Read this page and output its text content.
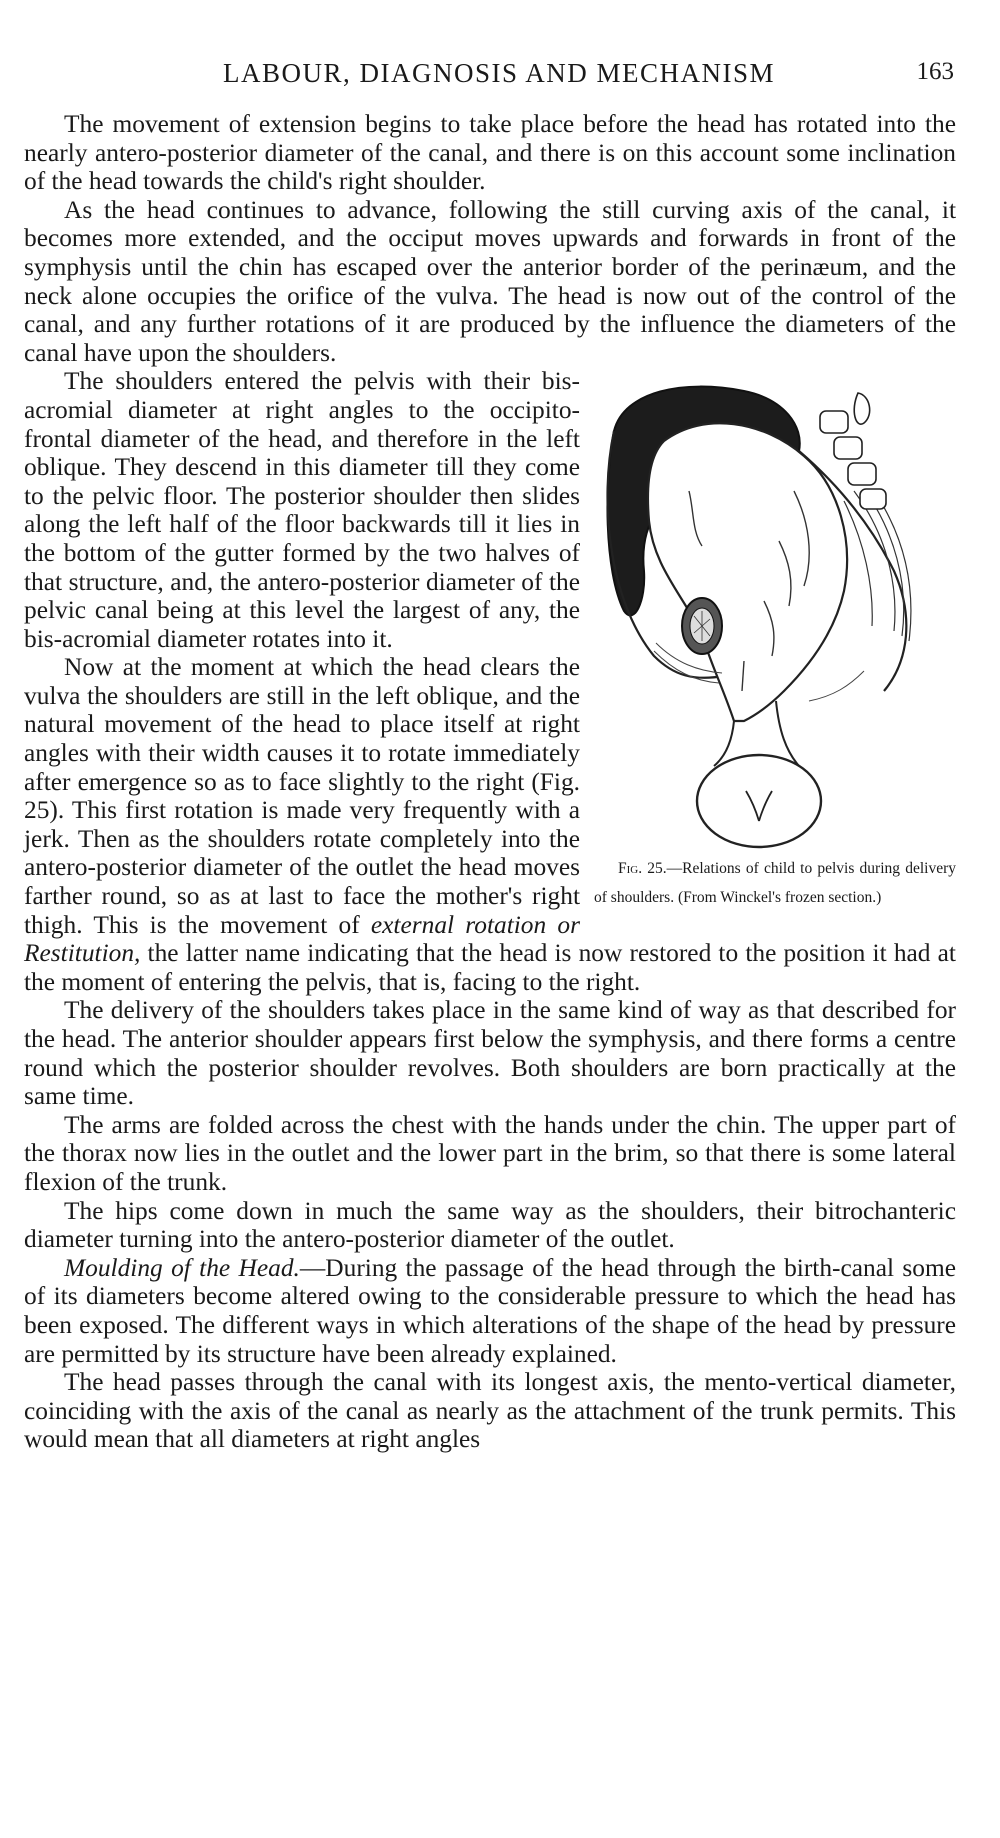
LABOUR, DIAGNOSIS AND MECHANISM	163

The movement of extension begins to take place before the head has rotated into the nearly antero-posterior diameter of the canal, and there is on this account some inclination of the head towards the child's right shoulder.

As the head continues to advance, following the still curving axis of the canal, it becomes more extended, and the occiput moves upwards and forwards in front of the symphysis until the chin has escaped over the anterior border of the perinæum, and the neck alone occupies the orifice of the vulva. The head is now out of the control of the canal, and any further rotations of it are produced by the influence the diameters of the canal have upon the shoulders.

Fig. 25.—Relations of child to pelvis during delivery of shoulders. (From Winckel's frozen section.)
The shoulders entered the pelvis with their bis-acromial diameter at right angles to the occipito-frontal diameter of the head, and therefore in the left oblique. They descend in this diameter till they come to the pelvic floor. The posterior shoulder then slides along the left half of the floor backwards till it lies in the bottom of the gutter formed by the two halves of that structure, and, the antero-posterior diameter of the pelvic canal being at this level the largest of any, the bis-acromial diameter rotates into it.

Now at the moment at which the head clears the vulva the shoulders are still in the left oblique, and the natural movement of the head to place itself at right angles with their width causes it to rotate immediately after emergence so as to face slightly to the right (Fig. 25). This first rotation is made very frequently with a jerk. Then as the shoulders rotate completely into the antero-posterior diameter of the outlet the head moves farther round, so as at last to face the mother's right thigh. This is the movement of external rotation or Restitution, the latter name indicating that the head is now restored to the position it had at the moment of entering the pelvis, that is, facing to the right.

The delivery of the shoulders takes place in the same kind of way as that described for the head. The anterior shoulder appears first below the symphysis, and there forms a centre round which the posterior shoulder revolves. Both shoulders are born practically at the same time.

The arms are folded across the chest with the hands under the chin. The upper part of the thorax now lies in the outlet and the lower part in the brim, so that there is some lateral flexion of the trunk.

The hips come down in much the same way as the shoulders, their bitrochanteric diameter turning into the antero-posterior diameter of the outlet.

Moulding of the Head.—During the passage of the head through the birth-canal some of its diameters become altered owing to the considerable pressure to which the head has been exposed. The different ways in which alterations of the shape of the head by pressure are permitted by its structure have been already explained.

The head passes through the canal with its longest axis, the mento-vertical diameter, coinciding with the axis of the canal as nearly as the attachment of the trunk permits. This would mean that all diameters at right angles
